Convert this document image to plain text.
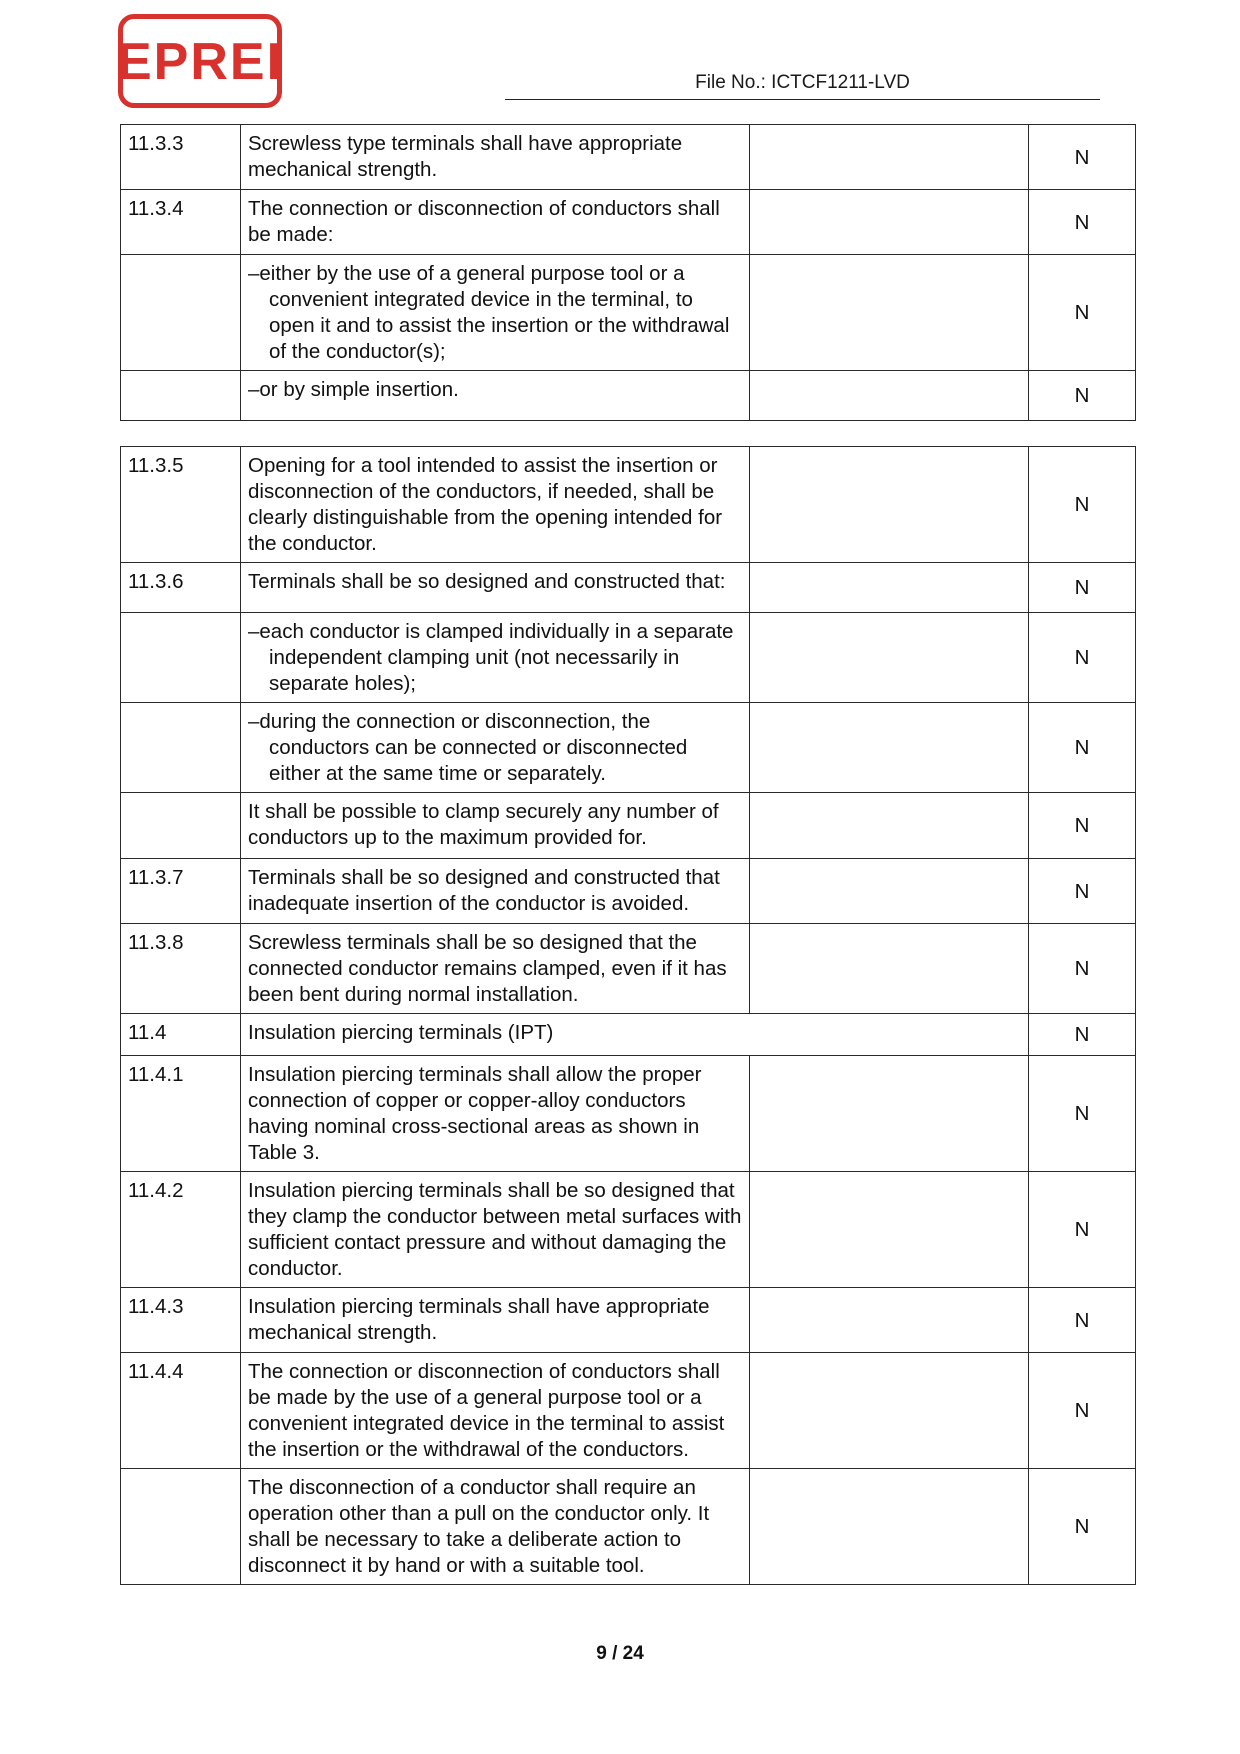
EPREI	File No.: ICTCF1211-LVD
11.3.3	Screwless type terminals shall have appropriate mechanical strength.		N
11.3.4	The connection or disconnection of conductors shall be made:		N

	–either by the use of a general purpose tool or a convenient integrated device in the terminal, to open it and to assist the insertion or the withdrawal of the conductor(s);		N
	–or by simple insertion.		N
11.3.5	Opening for a tool intended to assist the insertion or disconnection of the conductors, if needed, shall be clearly distinguishable from the opening intended for the conductor.		N
11.3.6	Terminals shall be so designed and constructed that:		N

	–each conductor is clamped individually in a separate independent clamping unit (not necessarily in separate holes);		N

	–during the connection or disconnection, the conductors can be connected or disconnected either at the same time or separately.		N
	It shall be possible to clamp securely any number of conductors up to the maximum provided for.		N
11.3.7	Terminals shall be so designed and constructed that inadequate insertion of the conductor is avoided.		N
11.3.8	Screwless terminals shall be so designed that the connected conductor remains clamped, even if it has been bent during normal installation.		N
11.4	Insulation piercing terminals (IPT)		N
11.4.1	Insulation piercing terminals shall allow the proper connection of copper or copper-alloy conductors having nominal cross-sectional areas as shown in Table 3.		N
11.4.2	Insulation piercing terminals shall be so designed that they clamp the conductor between metal surfaces with sufficient contact pressure and without damaging the conductor.		N
11.4.3	Insulation piercing terminals shall have appropriate mechanical strength.		N
11.4.4	The connection or disconnection of conductors shall be made by the use of a general purpose tool or a convenient integrated device in the terminal to assist the insertion or the withdrawal of the conductors.		N
	The disconnection of a conductor shall require an operation other than a pull on the conductor only. It shall be necessary to take a deliberate action to disconnect it by hand or with a suitable tool.		N
9 / 24
